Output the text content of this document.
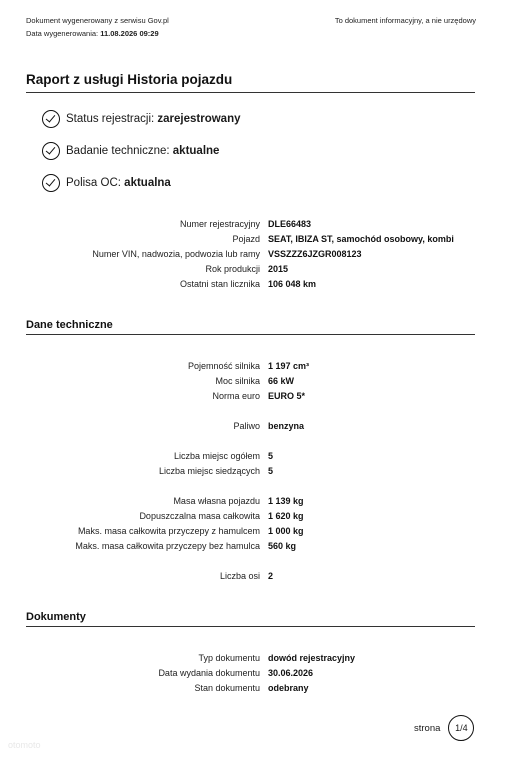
Dokument wygenerowany z serwisu Gov.pl
Data wygenerowania: 11.08.2026 09:29
To dokument informacyjny, a nie urzędowy
Raport z usługi Historia pojazdu
Status rejestracji:
zarejestrowany
Badanie techniczne:
aktualne
Polisa OC:
aktualna
Numer rejestracyjny DLE66483
Pojazd SEAT, IBIZA ST, samochód osobowy, kombi
Numer VIN, nadwozia, podwozia lub ramy VSSZZZ6JZGR008123
Rok produkcji 2015
Ostatni stan licznika 106 048 km
Dane techniczne
Pojemność silnika 1 197 cm³
Moc silnika 66 kW
Norma euro EURO 5*
Paliwo benzyna
Liczba miejsc ogółem 5
Liczba miejsc siedzących 5
Masa własna pojazdu 1 139 kg
Dopuszczalna masa całkowita 1 620 kg
Maks. masa całkowita przyczepy z hamulcem 1 000 kg
Maks. masa całkowita przyczepy bez hamulca 560 kg
Liczba osi 2
Dokumenty
Typ dokumentu dowód rejestracyjny
Data wydania dokumentu 30.06.2026
Stan dokumentu odebrany
strona	1/4
otomoto
